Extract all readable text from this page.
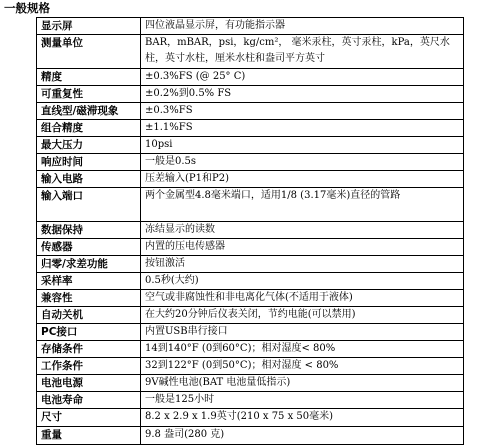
一般规格
显示屏	四位液晶显示屏，有功能指示器
测量单位	BAR，mBAR，psi，kg/cm²， 毫米汞柱，英寸汞柱，kPa，英尺水柱，英寸水柱，厘米水柱和盎司平方英寸
精度	±0.3%FS (@ 25° C)
可重复性	±0.2%到0.5% FS
直线型/磁滞现象	±0.3%FS
组合精度	±1.1%FS
最大压力	10psi
响应时间	一般是0.5s
输入电路	压差输入(P1和P2)
输入端口	两个金属型4.8毫米端口，适用1/8 (3.17毫米)直径的管路
数据保持	冻结显示的读数
传感器	内置的压电传感器
归零/求差功能	按钮激活
采样率	0.5秒(大约)
兼容性	空气或非腐蚀性和非电离化气体(不适用于液体)
自动关机	在大约20分钟后仪表关闭，节约电能(可以禁用)
PC接口	内置USB串行接口
存储条件	14到140°F (0到60°C)；相对湿度< 80%
工作条件	32到122°F (0到50°C)；相对湿度 < 80%
电池电源	9V碱性电池(BAT 电池量低指示)
电池寿命	一般是125小时
尺寸	8.2 x 2.9 x 1.9英寸(210 x 75 x 50毫米)
重量	9.8 盎司(280 克)
